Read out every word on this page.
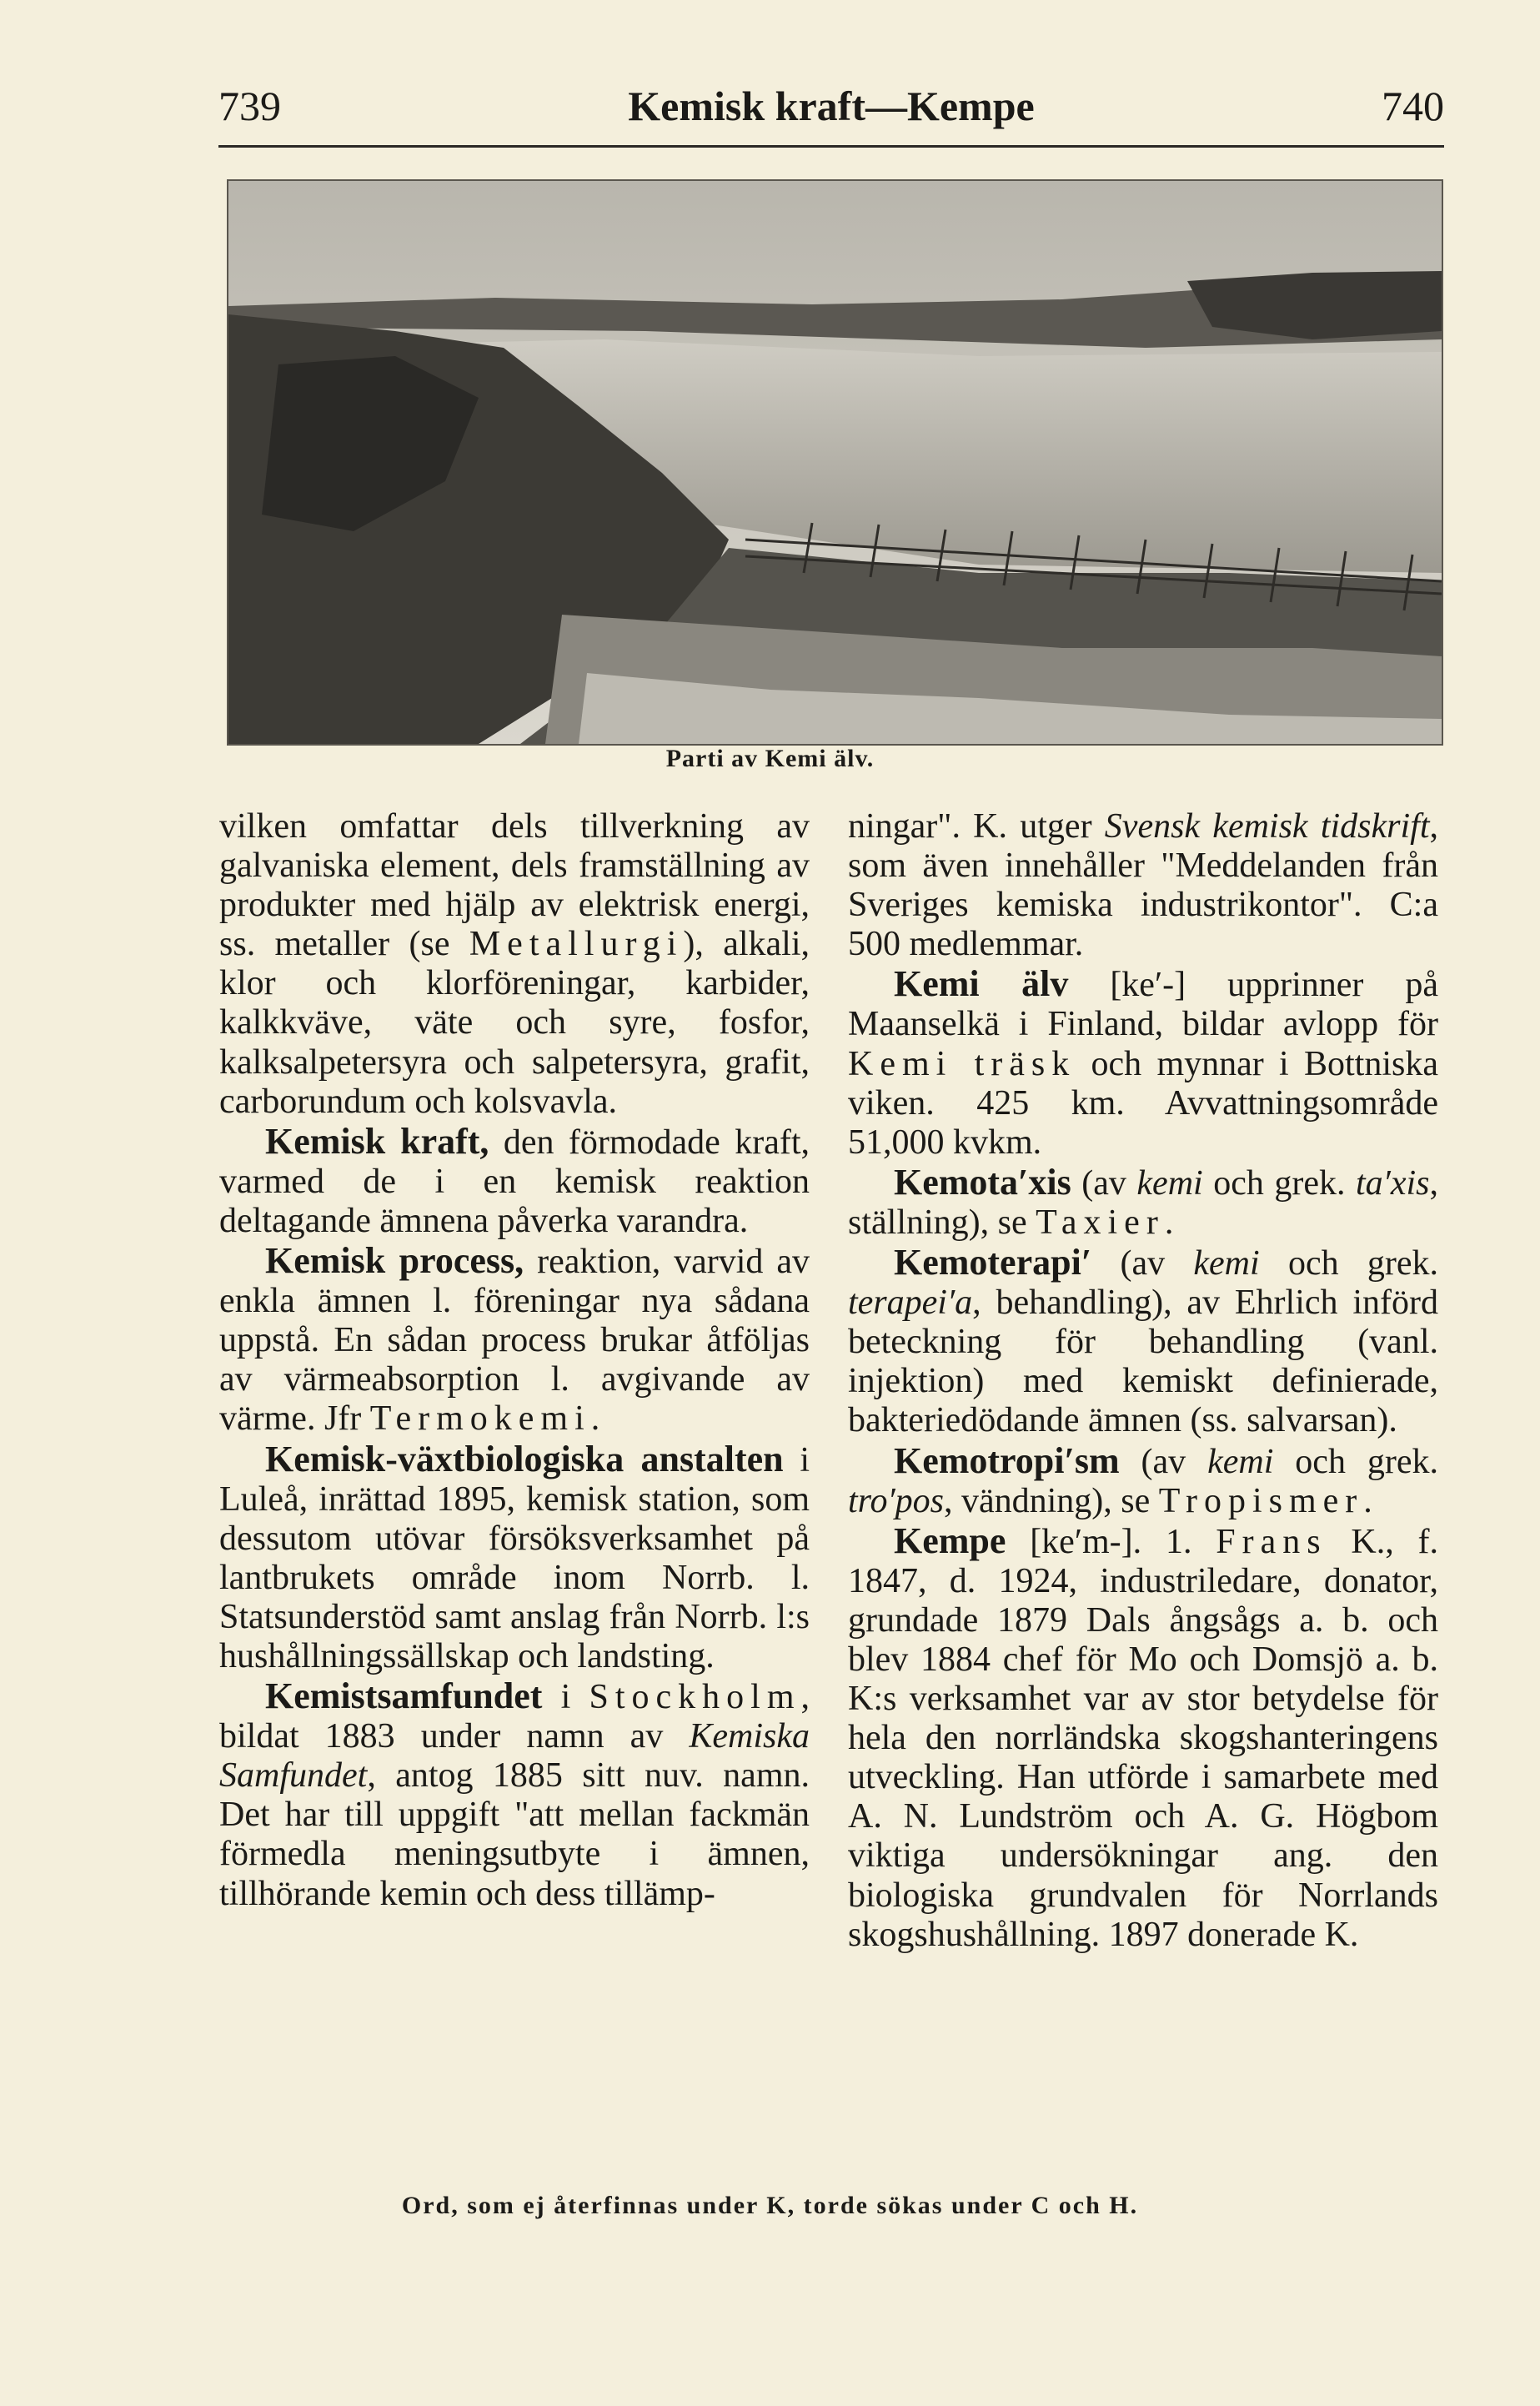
739	Kemisk kraft—Kempe	740
Parti av Kemi älv.

vilken omfattar dels tillverkning av galvaniska element, dels framställning av produkter med hjälp av elektrisk energi, ss. metaller (se Metallurgi), alkali, klor och klorföreningar, karbider, kalkkväve, väte och syre, fosfor, kalksalpetersyra och salpetersyra, grafit, carborundum och kolsvavla.

Kemisk kraft, den förmodade kraft, varmed de i en kemisk reaktion deltagande ämnena påverka varandra.

Kemisk process, reaktion, varvid av enkla ämnen l. föreningar nya sådana uppstå. En sådan process brukar åtföljas av värmeabsorption l. avgivande av värme. Jfr Termokemi.

Kemisk-växtbiologiska anstalten i Luleå, inrättad 1895, kemisk station, som dessutom utövar försöksverksamhet på lantbrukets område inom Norrb. l. Statsunderstöd samt anslag från Norrb. l:s hushållningssällskap och landsting.

Kemistsamfundet i Stockholm, bildat 1883 under namn av Kemiska Samfundet, antog 1885 sitt nuv. namn. Det har till uppgift "att mellan fackmän förmedla meningsutbyte i ämnen, tillhörande kemin och dess tillämp-

ningar". K. utger Svensk kemisk tidskrift, som även innehåller "Meddelanden från Sveriges kemiska industrikontor". C:a 500 medlemmar.

Kemi älv [ke′-] upprinner på Maanselkä i Finland, bildar avlopp för Kemi träsk och mynnar i Bottniska viken. 425 km. Avvattningsområde 51,000 kvkm.

Kemota′xis (av kemi och grek. ta′xis, ställning), se Taxier.

Kemoterapi′ (av kemi och grek. terapei′a, behandling), av Ehrlich införd beteckning för behandling (vanl. injektion) med kemiskt definierade, bakteriedödande ämnen (ss. salvarsan).

Kemotropi′sm (av kemi och grek. tro′pos, vändning), se Tropismer.

Kempe [ke′m-]. 1. Frans K., f. 1847, d. 1924, industriledare, donator, grundade 1879 Dals ångsågs a. b. och blev 1884 chef för Mo och Domsjö a. b. K:s verksamhet var av stor betydelse för hela den norrländska skogshanteringens utveckling. Han utförde i samarbete med A. N. Lundström och A. G. Högbom viktiga undersökningar ang. den biologiska grundvalen för Norrlands skogshushållning. 1897 donerade K.

Ord, som ej återfinnas under K, torde sökas under C och H.
